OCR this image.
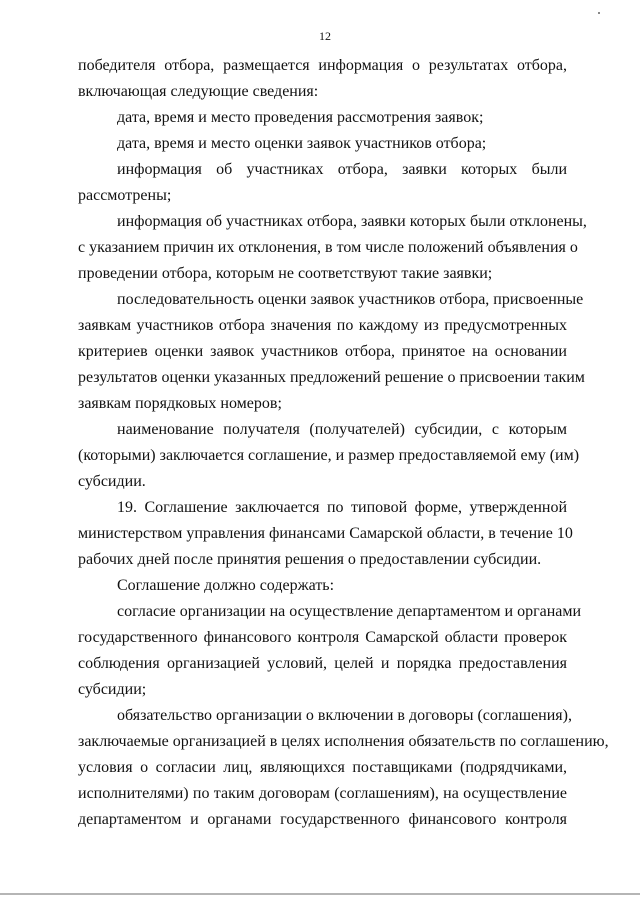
12
победителя отбора, размещается информация о результатах отбора,
включающая следующие сведения:
дата, время и место проведения рассмотрения заявок;
дата, время и место оценки заявок участников отбора;
информация об участниках отбора, заявки которых были
рассмотрены;
информация об участниках отбора, заявки которых были отклонены,
с указанием причин их отклонения, в том числе положений объявления о
проведении отбора, которым не соответствуют такие заявки;
последовательность оценки заявок участников отбора, присвоенные
заявкам участников отбора значения по каждому из предусмотренных
критериев оценки заявок участников отбора, принятое на основании
результатов оценки указанных предложений решение о присвоении таким
заявкам порядковых номеров;
наименование получателя (получателей) субсидии, с которым
(которыми) заключается соглашение, и размер предоставляемой ему (им)
субсидии.
19. Соглашение заключается по типовой форме, утвержденной
министерством управления финансами Самарской области, в течение 10
рабочих дней после принятия решения о предоставлении субсидии.
Соглашение должно содержать:
согласие организации на осуществление департаментом и органами
государственного финансового контроля Самарской области проверок
соблюдения организацией условий, целей и порядка предоставления
субсидии;
обязательство организации о включении в договоры (соглашения),
заключаемые организацией в целях исполнения обязательств по соглашению,
условия о согласии лиц, являющихся поставщиками (подрядчиками,
исполнителями) по таким договорам (соглашениям), на осуществление
департаментом и органами государственного финансового контроля
